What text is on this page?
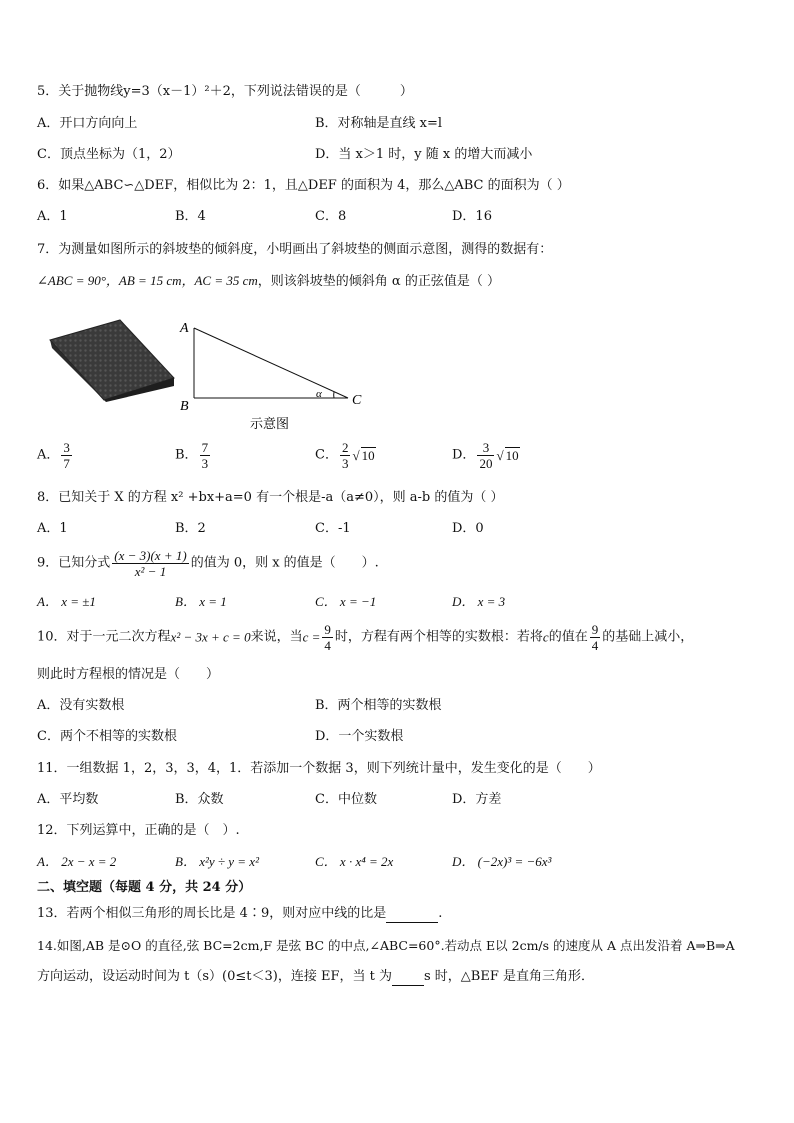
5．关于抛物线y=3（x－1）²＋2，下列说法错误的是（　　　）
A．开口方向向上	B．对称轴是直线 x=l
C．顶点坐标为（1，2）	D．当 x＞1 时，y 随 x 的增大而减小
6．如果△ABC∽△DEF，相似比为 2：1，且△DEF 的面积为 4，那么△ABC 的面积为（ ）
A．1	B．4	C．8	D．16
7．为测量如图所示的斜坡垫的倾斜度，小明画出了斜坡垫的侧面示意图，测得的数据有：
∠ABC = 90°，AB = 15 cm，AC = 35 cm，则该斜坡垫的倾斜角 α 的正弦值是（ ）
A
B	C
α
示意图
A． $\frac{3}{7}$	B． $\frac{7}{3}$	C． $\frac{2}{3}$ √ 10	D． $\frac{3}{20}$ √ 10
8．已知关于 X 的方程 x² +bx+a=0 有一个根是-a（a≠0），则 a-b 的值为（ ）
A．1	B．2	C．-1	D．0
9．已知分式 $\frac{(x - 3)(x + 1)}{\text{x² − 1}}$ 的值为 0，则 x 的值是（　　）.
A． x = ±1	B． x = 1	C． x = −1	D． x = 3
10．对于一元二次方程x² − 3x + c = 0来说，当$c = \frac{9}{4}$ 时，方程有两个相等的实数根：若将c的值在 $\frac{9}{4}$ 的基础上减小，
则此时方程根的情况是（　　）
A．没有实数根	B．两个相等的实数根
C．两个不相等的实数根	D．一个实数根
11．一组数据 1，2，3，3，4，1．若添加一个数据 3，则下列统计量中，发生变化的是（　　）
A．平均数	B．众数	C．中位数	D．方差
12．下列运算中，正确的是（　）.
A． 2x − x = 2	B． x²y ÷ y = x²	C． x · x⁴ = 2x	D． (−2x)³ = −6x³
二、填空题（每题 4 分，共 24 分）
13．若两个相似三角形的周长比是 4∶9，则对应中线的比是	.
14.如图,AB 是⊙O 的直径,弦 BC=2cm,F 是弦 BC 的中点,∠ABC=60°.若动点 E以 2cm/s 的速度从 A 点出发沿着 A⇒B⇒A
方向运动，设运动时间为 t（s）(0≤t＜3)，连接 EF，当 t 为 s 时，△BEF 是直角三角形．
